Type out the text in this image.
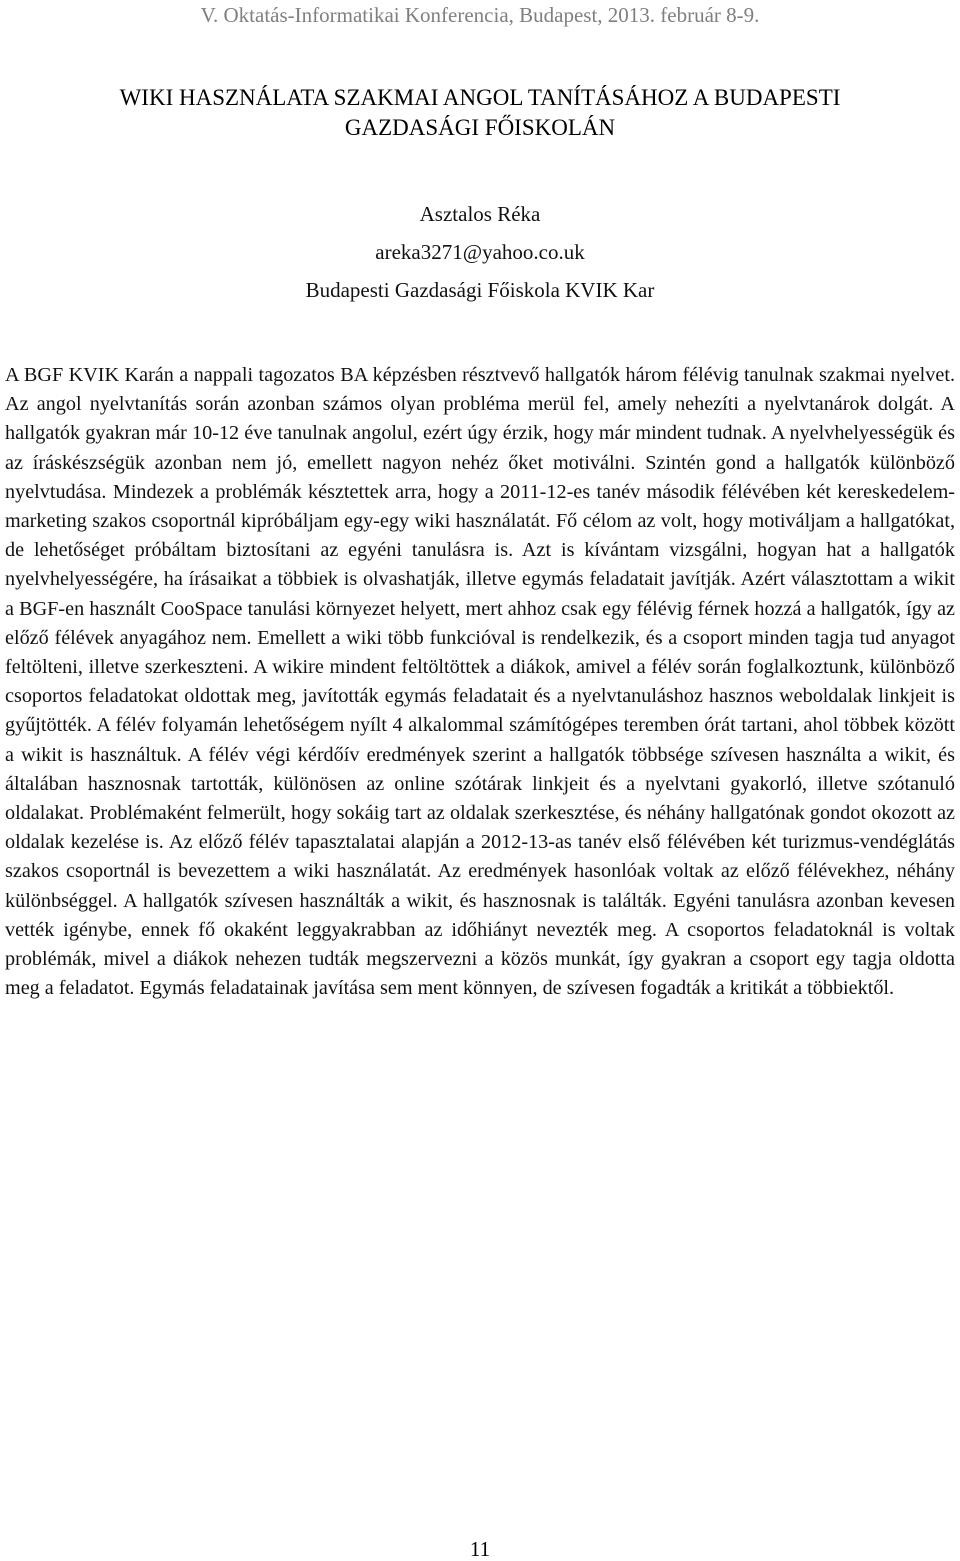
V. Oktatás-Informatikai Konferencia, Budapest, 2013. február 8-9.
WIKI HASZNÁLATA SZAKMAI ANGOL TANÍTÁSÁHOZ A BUDAPESTI
GAZDASÁGI FŐISKOLÁN
Asztalos Réka
areka3271@yahoo.co.uk
Budapesti Gazdasági Főiskola KVIK Kar

A BGF KVIK Karán a nappali tagozatos BA képzésben résztvevő hallgatók három félévig tanulnak szakmai nyelvet. Az angol nyelvtanítás során azonban számos olyan probléma merül fel, amely nehezíti a nyelvtanárok dolgát. A hallgatók gyakran már 10-12 éve tanulnak angolul, ezért úgy érzik, hogy már mindent tudnak. A nyelvhelyességük és az íráskészségük azonban nem jó, emellett nagyon nehéz őket motiválni. Szintén gond a hallgatók különböző nyelvtudása. Mindezek a problémák késztettek arra, hogy a 2011-12-es tanév második félévében két kereskedelem-marketing szakos csoportnál kipróbáljam egy-egy wiki használatát. Fő célom az volt, hogy motiváljam a hallgatókat, de lehetőséget próbáltam biztosítani az egyéni tanulásra is. Azt is kívántam vizsgálni, hogyan hat a hallgatók nyelvhelyességére, ha írásaikat a többiek is olvashatják, illetve egymás feladatait javítják. Azért választottam a wikit a BGF-en használt CooSpace tanulási környezet helyett, mert ahhoz csak egy félévig férnek hozzá a hallgatók, így az előző félévek anyagához nem. Emellett a wiki több funkcióval is rendelkezik, és a csoport minden tagja tud anyagot feltölteni, illetve szerkeszteni. A wikire mindent feltöltöttek a diákok, amivel a félév során foglalkoztunk, különböző csoportos feladatokat oldottak meg, javították egymás feladatait és a nyelvtanuláshoz hasznos weboldalak linkjeit is gyűjtötték. A félév folyamán lehetőségem nyílt 4 alkalommal számítógépes teremben órát tartani, ahol többek között a wikit is használtuk. A félév végi kérdőív eredmények szerint a hallgatók többsége szívesen használta a wikit, és általában hasznosnak tartották, különösen az online szótárak linkjeit és a nyelvtani gyakorló, illetve szótanuló oldalakat. Problémaként felmerült, hogy sokáig tart az oldalak szerkesztése, és néhány hallgatónak gondot okozott az oldalak kezelése is. Az előző félév tapasztalatai alapján a 2012-13-as tanév első félévében két turizmus-vendéglátás szakos csoportnál is bevezettem a wiki használatát. Az eredmények hasonlóak voltak az előző félévekhez, néhány különbséggel. A hallgatók szívesen használták a wikit, és hasznosnak is találták. Egyéni tanulásra azonban kevesen vették igénybe, ennek fő okaként leggyakrabban az időhiányt nevezték meg. A csoportos feladatoknál is voltak problémák, mivel a diákok nehezen tudták megszervezni a közös munkát, így gyakran a csoport egy tagja oldotta meg a feladatot. Egymás feladatainak javítása sem ment könnyen, de szívesen fogadták a kritikát a többiektől.

11
